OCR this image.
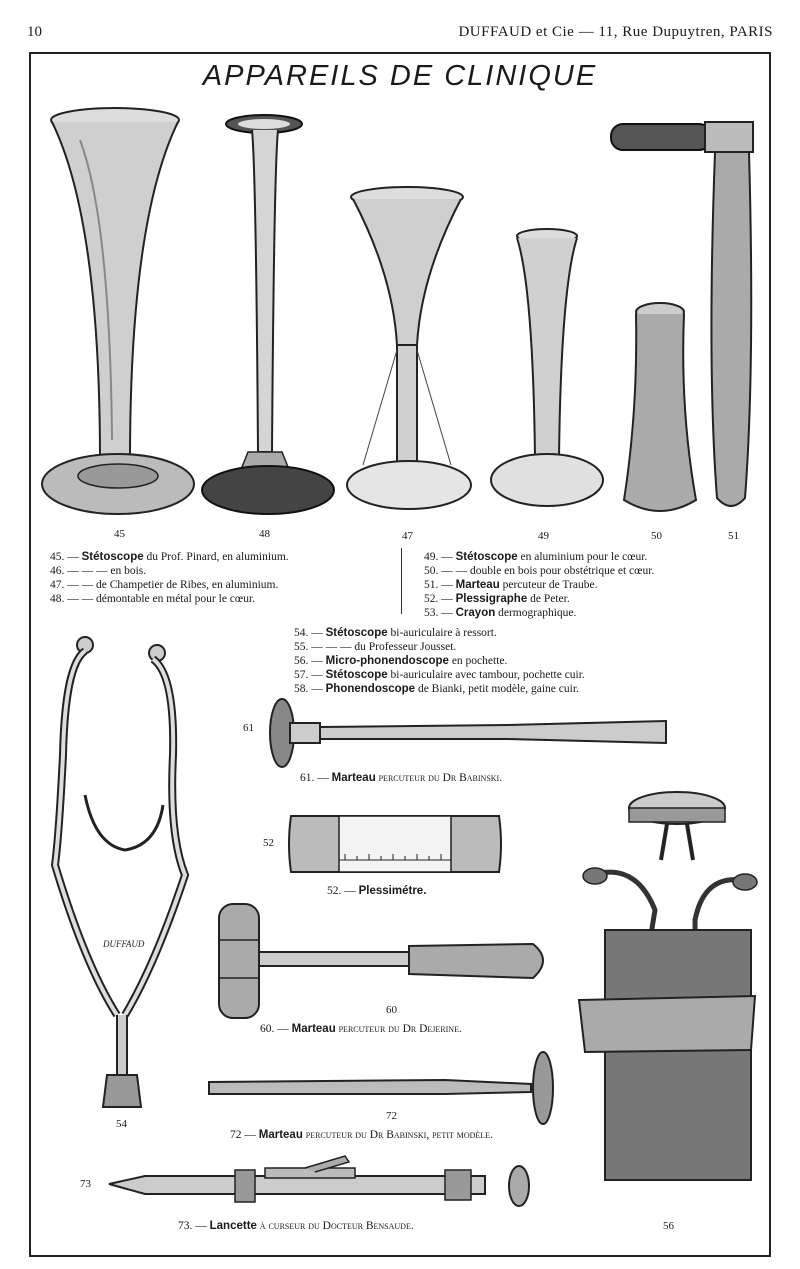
10	DUFFAUD et Cie — 11, Rue Dupuytren, PARIS
APPAREILS DE CLINIQUE
45	48	47	49	50	51
45. — Stétoscope du Prof. Pinard, en aluminium.
46. — — — en bois.
47. — — de Champetier de Ribes, en aluminium.
48. — — démontable en métal pour le cœur.
49. — Stétoscope en aluminium pour le cœur.
50. — — double en bois pour obstétrique et cœur.
51. — Marteau percuteur de Traube.
52. — Plessigraphe de Peter.
53. — Crayon dermographique.
54. — Stétoscope bi-auriculaire à ressort.
55. — — — du Professeur Jousset.
56. — Micro-phonendoscope en pochette.
57. — Stétoscope bi-auriculaire avec tambour, pochette cuir.
58. — Phonendoscope de Bianki, petit modèle, gaine cuir.
DUFFAUD
54
61
61. — Marteau percuteur du Dr Babinski.
52
52. — Plessimétre.
60
60. — Marteau percuteur du Dr Dejerine.
72
72 — Marteau percuteur du Dr Babinski, petit modèle.
73
73. — Lancette à curseur du Docteur Bensaude.	56
